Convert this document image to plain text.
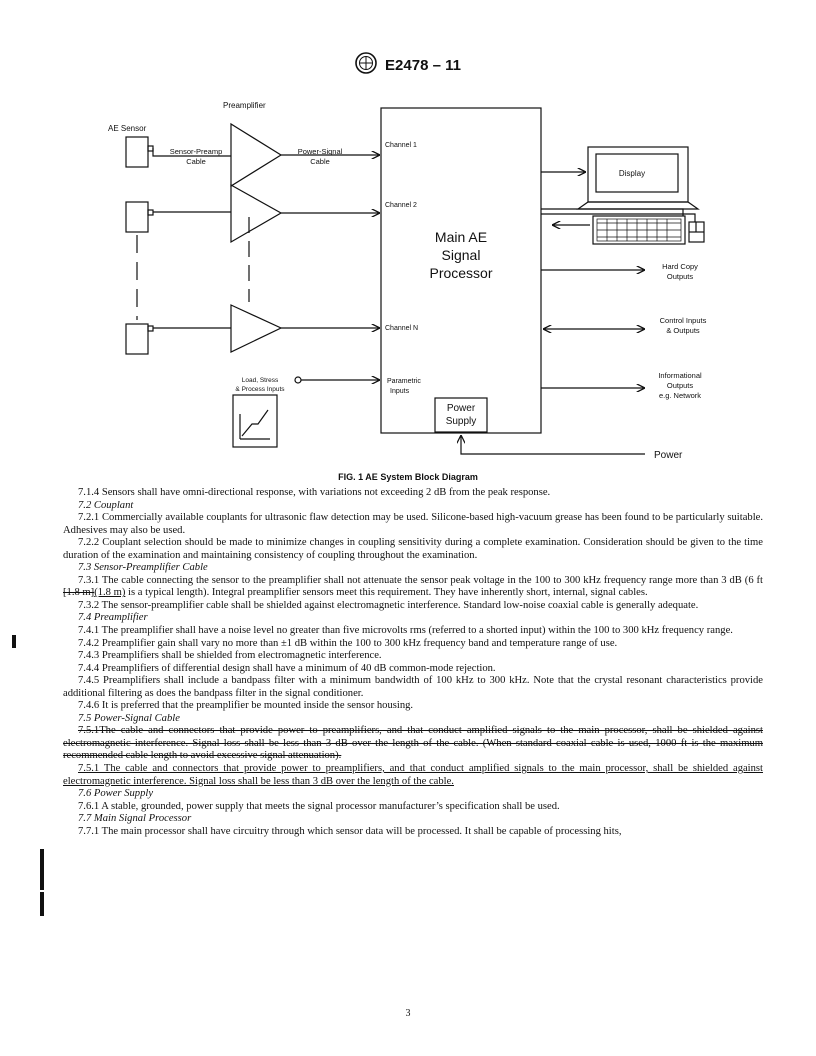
E2478 – 11
Preamplifier
AE Sensor
Sensor-Preamp
Cable
Power-Signal
Cable
Channel 1
Channel 2
Channel N
Parametric
Inputs
Load, Stress
& Process Inputs
Main AE
Signal
Processor
Power
Supply
Display
Hard Copy
Outputs
Control Inputs
& Outputs
Informational
Outputs
e.g. Network
Power
FIG. 1 AE System Block Diagram

7.1.4 Sensors shall have omni-directional response, with variations not exceeding 2 dB from the peak response.

7.2 Couplant

7.2.1 Commercially available couplants for ultrasonic flaw detection may be used. Silicone-based high-vacuum grease has been found to be particularly suitable. Adhesives may also be used.

7.2.2 Couplant selection should be made to minimize changes in coupling sensitivity during a complete examination. Consideration should be given to the time duration of the examination and maintaining consistency of coupling throughout the examination.

7.3 Sensor-Preamplifier Cable

7.3.1 The cable connecting the sensor to the preamplifier shall not attenuate the sensor peak voltage in the 100 to 300 kHz frequency range more than 3 dB (6 ft [1.8 m](1.8 m) is a typical length). Integral preamplifier sensors meet this requirement. They have inherently short, internal, signal cables.

7.3.2 The sensor-preamplifier cable shall be shielded against electromagnetic interference. Standard low-noise coaxial cable is generally adequate.

7.4 Preamplifier

7.4.1 The preamplifier shall have a noise level no greater than five microvolts rms (referred to a shorted input) within the 100 to 300 kHz frequency range.

7.4.2 Preamplifier gain shall vary no more than ±1 dB within the 100 to 300 kHz frequency band and temperature range of use.

7.4.3 Preamplifiers shall be shielded from electromagnetic interference.

7.4.4 Preamplifiers of differential design shall have a minimum of 40 dB common-mode rejection.

7.4.5 Preamplifiers shall include a bandpass filter with a minimum bandwidth of 100 kHz to 300 kHz. Note that the crystal resonant characteristics provide additional filtering as does the bandpass filter in the signal conditioner.

7.4.6 It is preferred that the preamplifier be mounted inside the sensor housing.

7.5 Power-Signal Cable

7.5.1The cable and connectors that provide power to preamplifiers, and that conduct amplified signals to the main processor, shall be shielded against electromagnetic interference. Signal loss shall be less than 3 dB over the length of the cable. (When standard coaxial cable is used, 1000 ft is the maximum recommended cable length to avoid excessive signal attenuation).

7.5.1 The cable and connectors that provide power to preamplifiers, and that conduct amplified signals to the main processor, shall be shielded against electromagnetic interference. Signal loss shall be less than 3 dB over the length of the cable.

7.6 Power Supply

7.6.1 A stable, grounded, power supply that meets the signal processor manufacturer’s specification shall be used.

7.7 Main Signal Processor

7.7.1 The main processor shall have circuitry through which sensor data will be processed. It shall be capable of processing hits,

3
